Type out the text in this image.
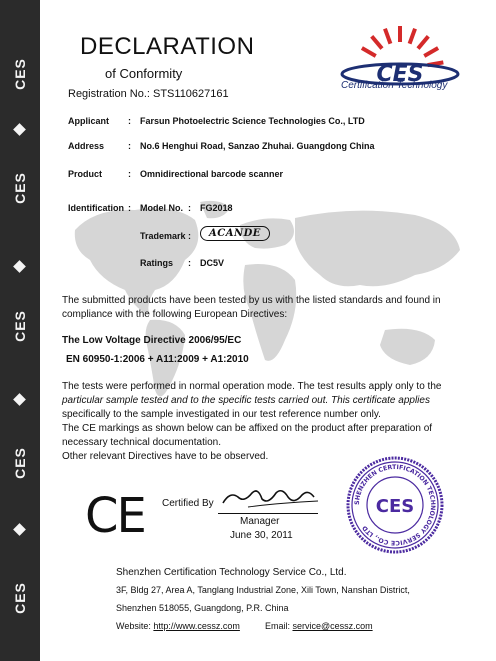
CES
CES
CES
CES
CES
DECLARATION
of Conformity
Registration No.: STS110627161
CES
Certification Technology
Applicant : Farsun Photoelectric Science Technologies Co., LTD
Address	: No.6 Henghui Road, Sanzao Zhuhai. Guangdong China
Product	: Omnidirectional barcode scanner
Identification : Model No. : FG2018
Trademark :	ACANDE
Ratings : DC5V
The submitted products have been tested by us with the listed standards and found in
compliance with the following European Directives:
The Low Voltage Directive 2006/95/EC
EN 60950-1:2006 + A11:2009 + A1:2010
The tests were performed in normal operation mode. The test results apply only to the
particular sample tested and to the specific tests carried out. This certificate applies
specifically to the sample investigated in our test reference number only.
The CE markings as shown below can be affixed on the product after preparation of
necessary technical documentation.
Other relevant Directives have to be observed.
CE Certified By
Manager
June 30, 2011
SHENZHEN CERTIFICATION TECHNOLOGY SERVICE CO., LTD
CES
Shenzhen Certification Technology Service Co., Ltd.
3F, Bldg 27, Area A, Tanglang Industrial Zone, Xili Town, Nanshan District,
Shenzhen 518055, Guangdong, P.R. China
Website: http://www.cessz.com	Email: service@cessz.com
